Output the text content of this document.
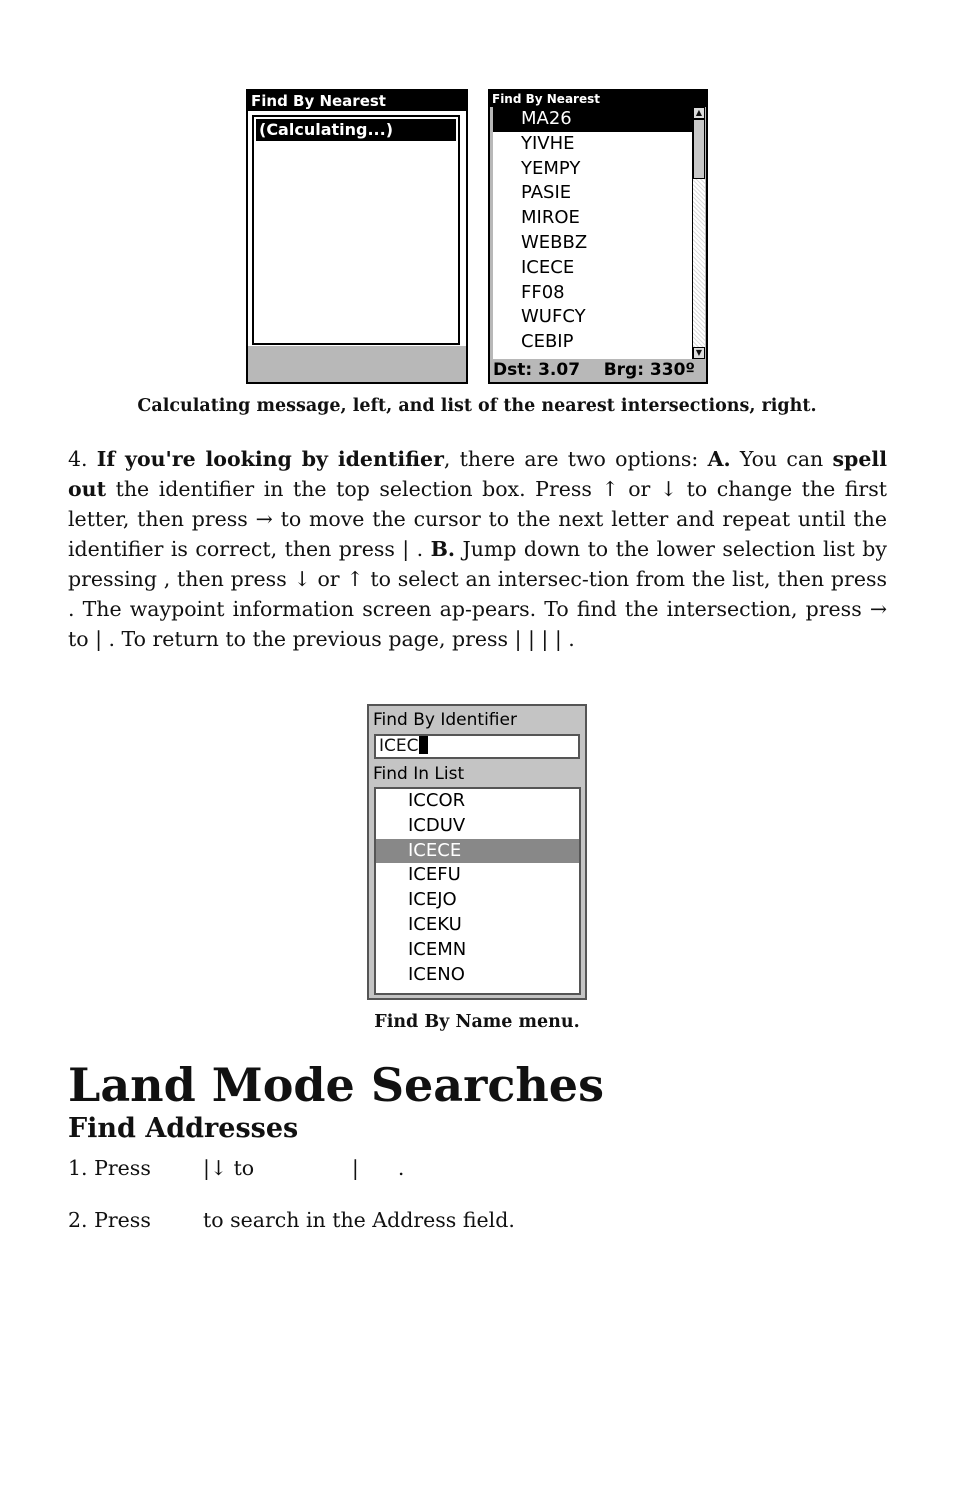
Find By Nearest
(Calculating...)
Find By Nearest
MA26
YIVHE
YEMPY
PASIE
MIROE
WEBBZ
ICECE
FF08
WUFCY
CEBIP
▲
▼
Dst: 3.07    Brg: 330º
Calculating message, left, and list of the nearest intersections, right.

4. If you're looking by identifier, there are two options: A. You can spell out the identifier in the top selection box. Press ↑ or ↓ to change the first letter, then press → to move the cursor to the next letter and repeat until the identifier is correct, then press | . B. Jump down to the lower selection list by pressing , then press ↓ or ↑ to select an intersec-tion from the list, then press . The waypoint information screen ap-pears. To find the intersection, press → to | . To return to the previous page, press | | | | .

Find By Identifier
ICEC
Find In List
ICCOR
ICDUV
ICECE
ICEFU
ICEJO
ICEKU
ICEMN
ICENO
Find By Name menu.
Land Mode Searches
Find Addresses
1. Press        |↓ to               |      .
2. Press        to search in the Address field.
